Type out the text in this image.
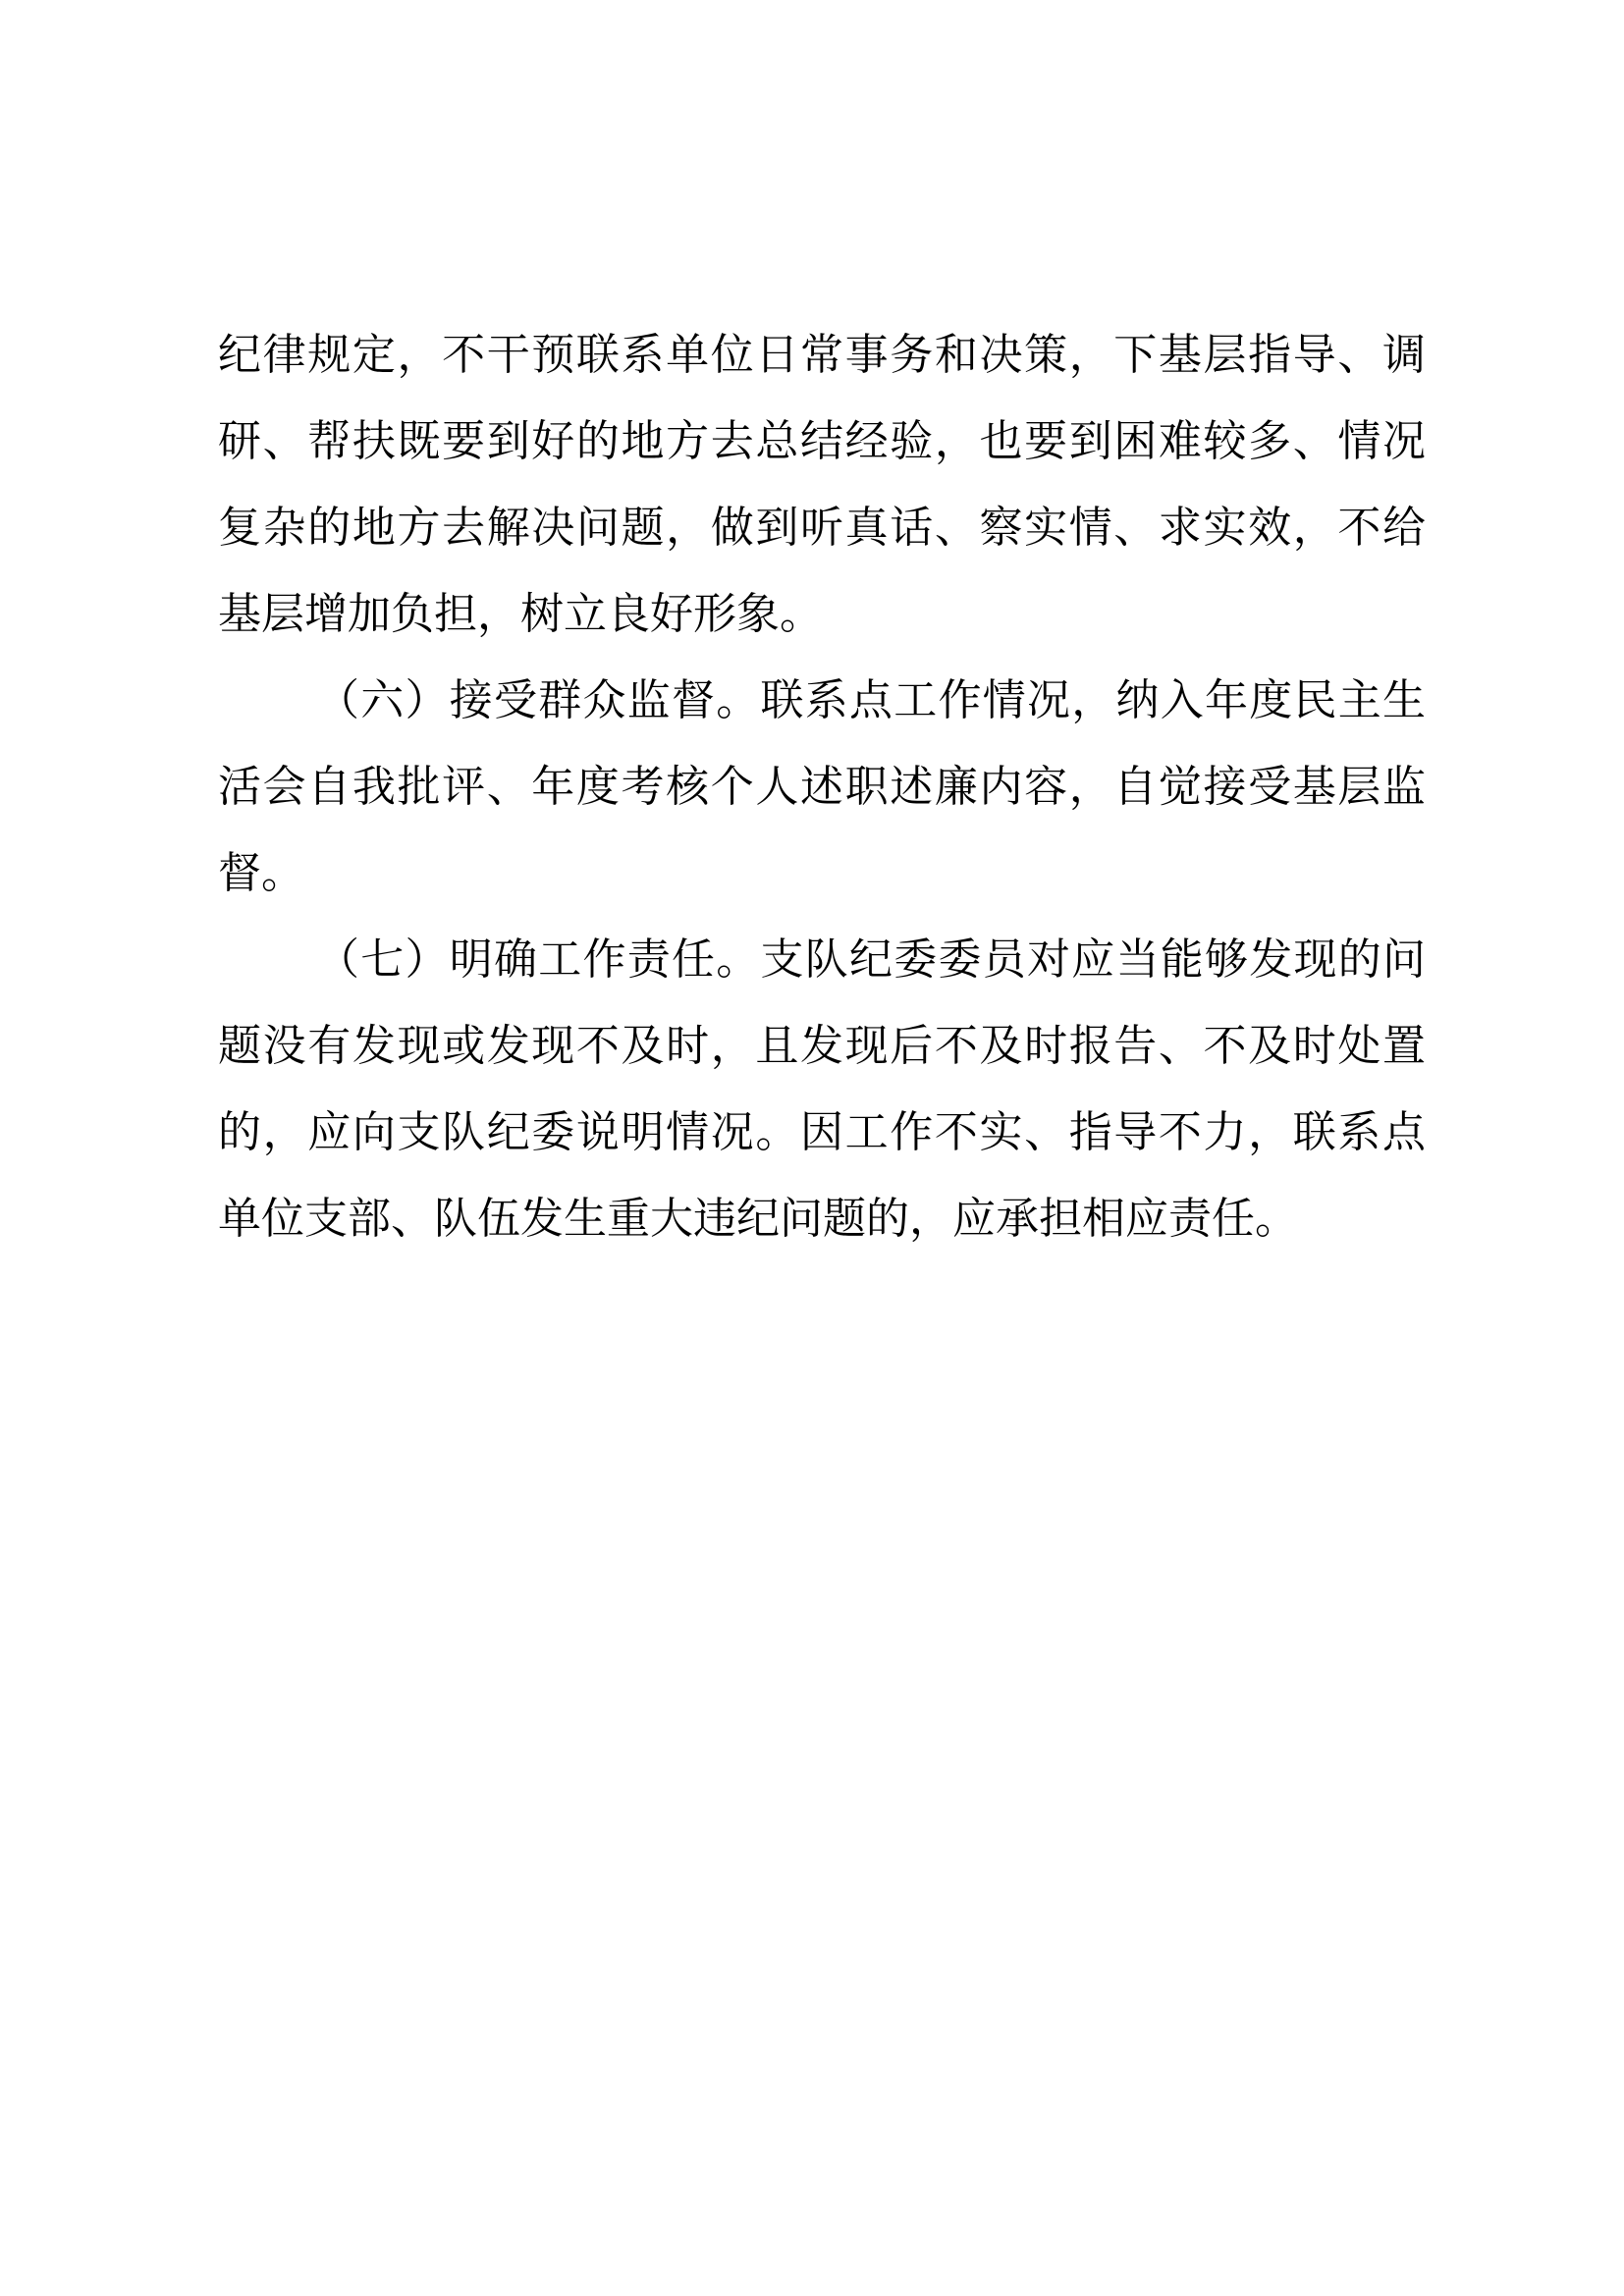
纪律规定，不干预联系单位日常事务和决策，下基层指导、调
研、帮扶既要到好的地方去总结经验，也要到困难较多、情况
复杂的地方去解决问题，做到听真话、察实情、求实效，不给
基层增加负担，树立良好形象。
（六）接受群众监督。联系点工作情况，纳入年度民主生
活会自我批评、年度考核个人述职述廉内容，自觉接受基层监
督。
（七）明确工作责任。支队纪委委员对应当能够发现的问
题没有发现或发现不及时，且发现后不及时报告、不及时处置
的，应向支队纪委说明情况。因工作不实、指导不力，联系点
单位支部、队伍发生重大违纪问题的，应承担相应责任。
